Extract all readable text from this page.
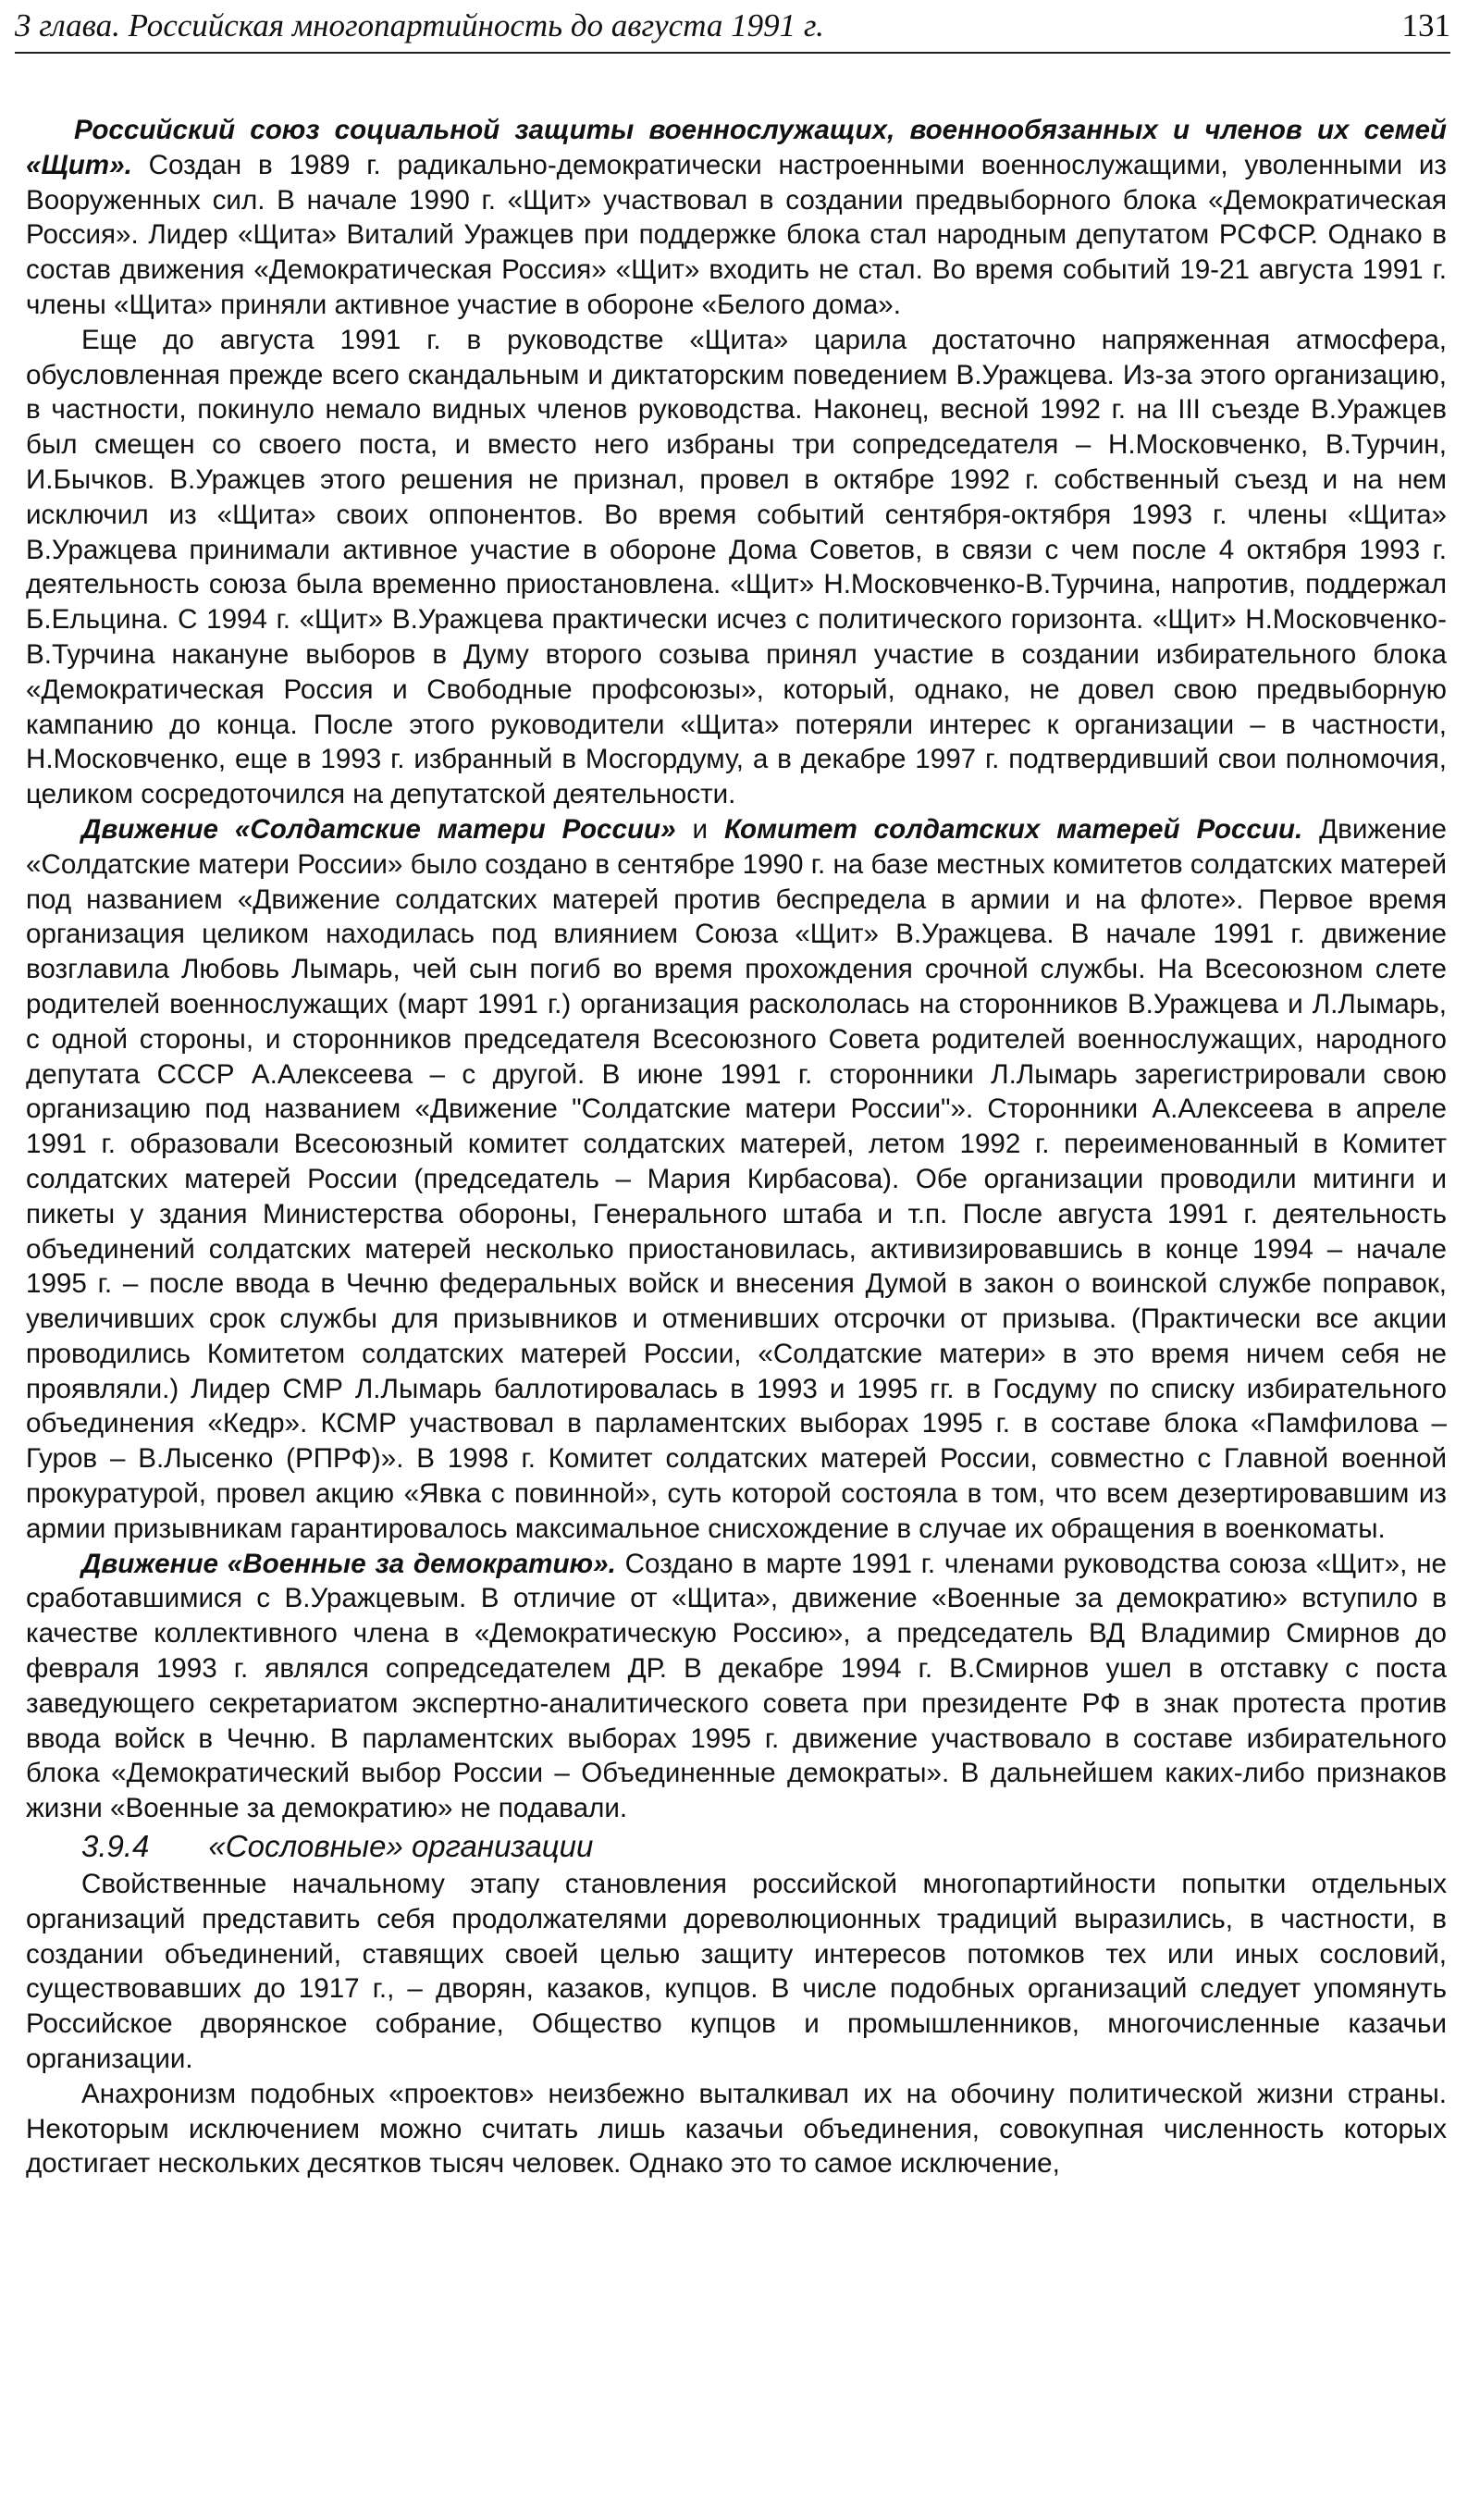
3 глава. Российская многопартийность до августа 1991 г.	131

Российский союз социальной защиты военнослужащих, военнообязанных и членов их семей «Щит». Создан в 1989 г. радикально-демократически настроенными военнослужащими, уволенными из Вооруженных сил. В начале 1990 г. «Щит» участвовал в создании предвыборного блока «Демократическая Россия». Лидер «Щита» Виталий Уражцев при поддержке блока стал народным депутатом РСФСР. Однако в состав движения «Демократическая Россия» «Щит» входить не стал. Во время событий 19-21 августа 1991 г. члены «Щита» приняли активное участие в обороне «Белого дома».

Еще до августа 1991 г. в руководстве «Щита» царила достаточно напряженная атмосфера, обусловленная прежде всего скандальным и диктаторским поведением В.Уражцева. Из-за этого организацию, в частности, покинуло немало видных членов руководства. Наконец, весной 1992 г. на III съезде В.Уражцев был смещен со своего поста, и вместо него избраны три сопредседателя – Н.Московченко, В.Турчин, И.Бычков. В.Уражцев этого решения не признал, провел в октябре 1992 г. собственный съезд и на нем исключил из «Щита» своих оппонентов. Во время событий сентября-октября 1993 г. члены «Щита» В.Уражцева принимали активное участие в обороне Дома Советов, в связи с чем после 4 октября 1993 г. деятельность союза была временно приостановлена. «Щит» Н.Московченко-В.Турчина, напротив, поддержал Б.Ельцина. С 1994 г. «Щит» В.Уражцева практически исчез с политического горизонта. «Щит» Н.Московченко-В.Турчина накануне выборов в Думу второго созыва принял участие в создании избирательного блока «Демократическая Россия и Свободные профсоюзы», который, однако, не довел свою предвыборную кампанию до конца. После этого руководители «Щита» потеряли интерес к организации – в частности, Н.Московченко, еще в 1993 г. избранный в Мосгордуму, а в декабре 1997 г. подтвердивший свои полномочия, целиком сосредоточился на депутатской деятельности.

Движение «Солдатские матери России» и Комитет солдатских матерей России. Движение «Солдатские матери России» было создано в сентябре 1990 г. на базе местных комитетов солдатских матерей под названием «Движение солдатских матерей против беспредела в армии и на флоте». Первое время организация целиком находилась под влиянием Союза «Щит» В.Уражцева. В начале 1991 г. движение возглавила Любовь Лымарь, чей сын погиб во время прохождения срочной службы. На Всесоюзном слете родителей военнослужащих (март 1991 г.) организация раскололась на сторонников В.Уражцева и Л.Лымарь, с одной стороны, и сторонников председателя Всесоюзного Совета родителей военнослужащих, народного депутата СССР А.Алексеева – с другой. В июне 1991 г. сторонники Л.Лымарь зарегистрировали свою организацию под названием «Движение "Солдатские матери России"». Сторонники А.Алексеева в апреле 1991 г. образовали Всесоюзный комитет солдатских матерей, летом 1992 г. переименованный в Комитет солдатских матерей России (председатель – Мария Кирбасова). Обе организации проводили митинги и пикеты у здания Министерства обороны, Генерального штаба и т.п. После августа 1991 г. деятельность объединений солдатских матерей несколько приостановилась, активизировавшись в конце 1994 – начале 1995 г. – после ввода в Чечню федеральных войск и внесения Думой в закон о воинской службе поправок, увеличивших срок службы для призывников и отменивших отсрочки от призыва. (Практически все акции проводились Комитетом солдатских матерей России, «Солдатские матери» в это время ничем себя не проявляли.) Лидер СМР Л.Лымарь баллотировалась в 1993 и 1995 гг. в Госдуму по списку избирательного объединения «Кедр». КСМР участвовал в парламентских выборах 1995 г. в составе блока «Памфилова – Гуров – В.Лысенко (РПРФ)». В 1998 г. Комитет солдатских матерей России, совместно с Главной военной прокуратурой, провел акцию «Явка с повинной», суть которой состояла в том, что всем дезертировавшим из армии призывникам гарантировалось максимальное снисхождение в случае их обращения в военкоматы.

Движение «Военные за демократию». Создано в марте 1991 г. членами руководства союза «Щит», не сработавшимися с В.Уражцевым. В отличие от «Щита», движение «Военные за демократию» вступило в качестве коллективного члена в «Демократическую Россию», а председатель ВД Владимир Смирнов до февраля 1993 г. являлся сопредседателем ДР. В декабре 1994 г. В.Смирнов ушел в отставку с поста заведующего секретариатом экспертно-аналитического совета при президенте РФ в знак протеста против ввода войск в Чечню. В парламентских выборах 1995 г. движение участвовало в составе избирательного блока «Демократический выбор России – Объединенные демократы». В дальнейшем каких-либо признаков жизни «Военные за демократию» не подавали.

3.9.4 «Сословные» организации

Свойственные начальному этапу становления российской многопартийности попытки отдельных организаций представить себя продолжателями дореволюционных традиций выразились, в частности, в создании объединений, ставящих своей целью защиту интересов потомков тех или иных сословий, существовавших до 1917 г., – дворян, казаков, купцов. В числе подобных организаций следует упомянуть Российское дворянское собрание, Общество купцов и промышленников, многочисленные казачьи организации.

Анахронизм подобных «проектов» неизбежно выталкивал их на обочину политической жизни страны. Некоторым исключением можно считать лишь казачьи объединения, совокупная численность которых достигает нескольких десятков тысяч человек. Однако это то самое исключение,
